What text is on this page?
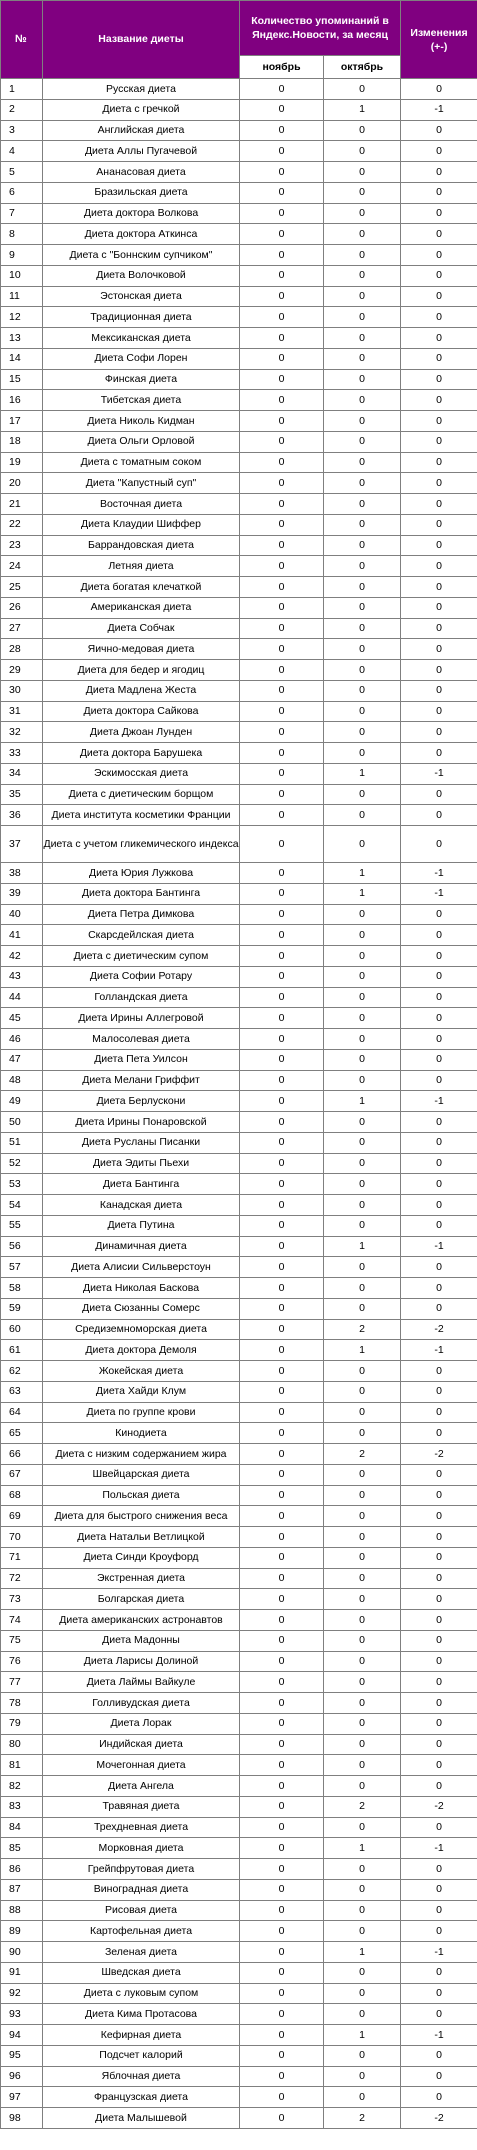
№	Название диеты	Количество упоминаний в Яндекс.Новости, за месяц		Изменения (+-)
		ноябрь	октябрь	
1	Русская диета	0	0	0
2	Диета с гречкой	0	1	-1
3	Английская диета	0	0	0
4	Диета Аллы Пугачевой	0	0	0
5	Ананасовая диета	0	0	0
6	Бразильская диета	0	0	0
7	Диета доктора Волкова	0	0	0
8	Диета доктора Аткинса	0	0	0
9	Диета с "Боннским супчиком"	0	0	0
10	Диета Волочковой	0	0	0
11	Эстонская диета	0	0	0
12	Традиционная диета	0	0	0
13	Мексиканская диета	0	0	0
14	Диета Софи Лорен	0	0	0
15	Финская диета	0	0	0
16	Тибетская диета	0	0	0
17	Диета Николь Кидман	0	0	0
18	Диета Ольги Орловой	0	0	0
19	Диета с томатным соком	0	0	0
20	Диета "Капустный суп"	0	0	0
21	Восточная диета	0	0	0
22	Диета Клаудии Шиффер	0	0	0
23	Баррандовская диета	0	0	0
24	Летняя диета	0	0	0
25	Диета богатая клечаткой	0	0	0
26	Американская диета	0	0	0
27	Диета Собчак	0	0	0
28	Яично-медовая диета	0	0	0
29	Диета для бедер и ягодиц	0	0	0
30	Диета Мадлена Жеста	0	0	0
31	Диета доктора Сайкова	0	0	0
32	Диета Джоан Лунден	0	0	0
33	Диета доктора Барушека	0	0	0
34	Эскимосская диета	0	1	-1
35	Диета с диетическим борщом	0	0	0
36	Диета института косметики Франции	0	0	0
37	Диета с учетом гликемического индекса	0	0	0
38	Диета Юрия Лужкова	0	1	-1
39	Диета доктора Бантинга	0	1	-1
40	Диета Петра Димкова	0	0	0
41	Скарсдейлская диета	0	0	0
42	Диета с диетическим супом	0	0	0
43	Диета Софии Ротару	0	0	0
44	Голландская диета	0	0	0
45	Диета Ирины Аллегровой	0	0	0
46	Малосолевая диета	0	0	0
47	Диета Пета Уилсон	0	0	0
48	Диета Мелани Гриффит	0	0	0
49	Диета Берлускони	0	1	-1
50	Диета Ирины Понаровской	0	0	0
51	Диета Русланы Писанки	0	0	0
52	Диета Эдиты Пьехи	0	0	0
53	Диета Бантинга	0	0	0
54	Канадская диета	0	0	0
55	Диета Путина	0	0	0
56	Динамичная диета	0	1	-1
57	Диета Алисии Сильверстоун	0	0	0
58	Диета Николая Баскова	0	0	0
59	Диета Сюзанны Сомерс	0	0	0
60	Средиземноморская диета	0	2	-2
61	Диета доктора Демоля	0	1	-1
62	Жокейская диета	0	0	0
63	Диета Хайди Клум	0	0	0
64	Диета по группе крови	0	0	0
65	Кинодиета	0	0	0
66	Диета с низким содержанием жира	0	2	-2
67	Швейцарская диета	0	0	0
68	Польская диета	0	0	0
69	Диета для быстрого снижения веса	0	0	0
70	Диета Натальи Ветлицкой	0	0	0
71	Диета Синди Кроуфорд	0	0	0
72	Экстренная диета	0	0	0
73	Болгарская диета	0	0	0
74	Диета американских астронавтов	0	0	0
75	Диета Мадонны	0	0	0
76	Диета Ларисы Долиной	0	0	0
77	Диета Лаймы Вайкуле	0	0	0
78	Голливудская диета	0	0	0
79	Диета Лорак	0	0	0
80	Индийская диета	0	0	0
81	Мочегонная диета	0	0	0
82	Диета Ангела	0	0	0
83	Травяная диета	0	2	-2
84	Трехдневная диета	0	0	0
85	Морковная диета	0	1	-1
86	Грейпфрутовая диета	0	0	0
87	Виноградная диета	0	0	0
88	Рисовая диета	0	0	0
89	Картофельная диета	0	0	0
90	Зеленая диета	0	1	-1
91	Шведская диета	0	0	0
92	Диета с луковым супом	0	0	0
93	Диета Кима Протасова	0	0	0
94	Кефирная диета	0	1	-1
95	Подсчет калорий	0	0	0
96	Яблочная диета	0	0	0
97	Французская диета	0	0	0
98	Диета Малышевой	0	2	-2
